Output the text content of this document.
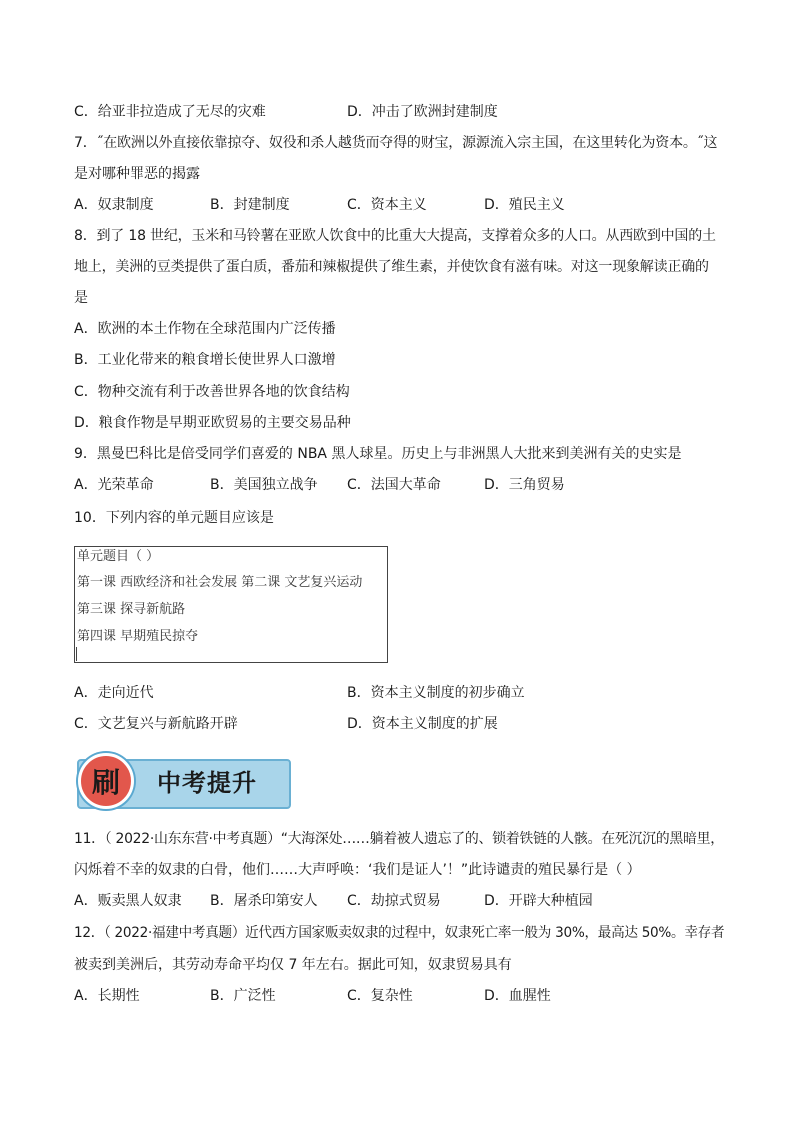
C．给亚非拉造成了无尽的灾难	D．冲击了欧洲封建制度
7．˝在欧洲以外直接依靠掠夺、奴役和杀人越货而夺得的财宝，源源流入宗主国，在这里转化为资本。˝这
是对哪种罪恶的揭露
A．奴隶制度	B．封建制度	C．资本主义	D．殖民主义
8．到了 18 世纪，玉米和马铃薯在亚欧人饮食中的比重大大提高，支撑着众多的人口。从西欧到中国的土
地上，美洲的豆类提供了蛋白质，番茄和辣椒提供了维生素，并使饮食有滋有味。对这一现象解读正确的
是
A．欧洲的本土作物在全球范围内广泛传播
B．工业化带来的粮食增长使世界人口激增
C．物种交流有利于改善世界各地的饮食结构
D．粮食作物是早期亚欧贸易的主要交易品种
9．黑曼巴科比是倍受同学们喜爱的 NBA 黑人球星。历史上与非洲黑人大批来到美洲有关的史实是
A．光荣革命	B．美国独立战争 C．法国大革命	D．三角贸易
10．下列内容的单元题目应该是
单元题目（ ）
第一课 西欧经济和社会发展 第二课 文艺复兴运动
第三课 探寻新航路
第四课 早期殖民掠夺
A．走向近代	B．资本主义制度的初步确立
C．文艺复兴与新航路开辟	D．资本主义制度的扩展
刷	中考提升
11．（ 2022·山东东营·中考真题）“大海深处……躺着被人遗忘了的、锁着铁链的人骸。在死沉沉的黑暗里，
闪烁着不幸的奴隶的白骨，他们……大声呼唤：‘我们是证人’！”此诗谴责的殖民暴行是（ ）
A．贩卖黑人奴隶 B．屠杀印第安人 C．劫掠式贸易	D．开辟大种植园
12．（ 2022·福建中考真题）近代西方国家贩卖奴隶的过程中，奴隶死亡率一般为 30%，最高达 50%。幸存者
被卖到美洲后，其劳动寿命平均仅 7 年左右。据此可知，奴隶贸易具有
A．长期性	B．广泛性	C．复杂性	D．血腥性
